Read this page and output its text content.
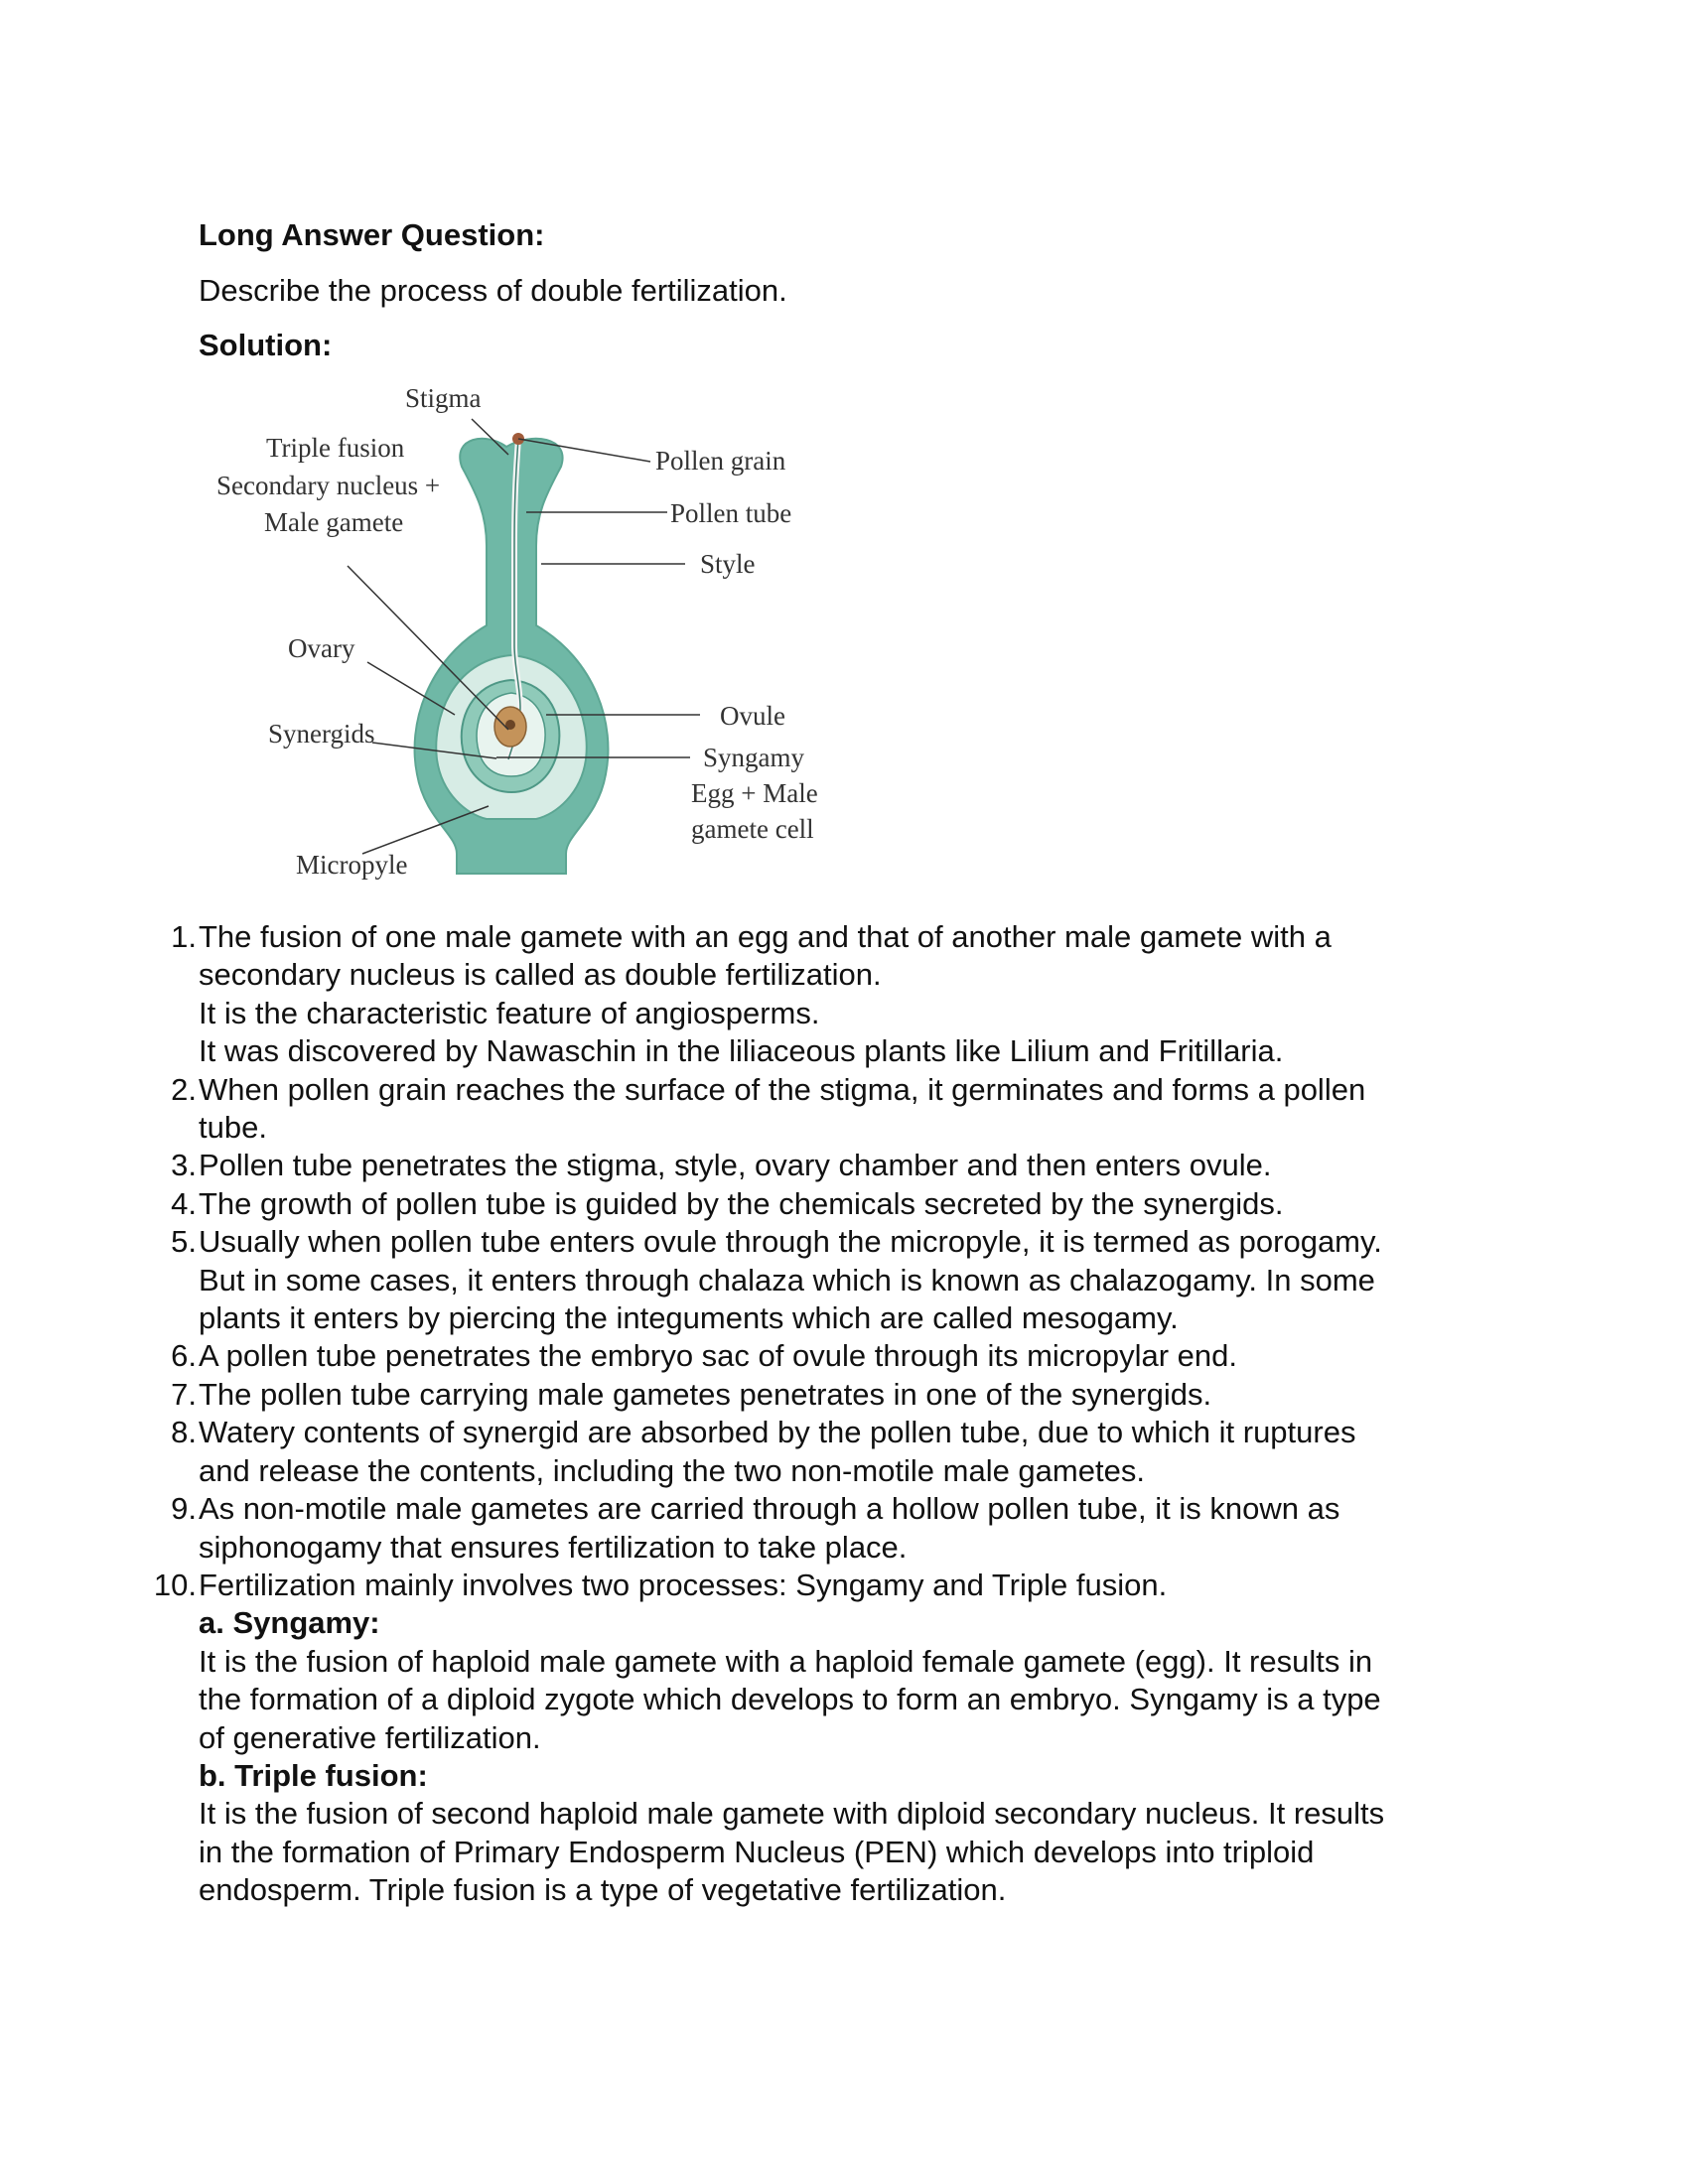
Long Answer Question:

Describe the process of double fertilization.

Solution:
Stigma
Triple fusion
Secondary nucleus +
Male gamete
Pollen grain
Pollen tube
Style
Ovary
Synergids
Ovule
Syngamy
Egg + Male
gamete cell
Micropyle
1. The fusion of one male gamete with an egg and that of another male gamete with a
secondary nucleus is called as double fertilization.
It is the characteristic feature of angiosperms.
It was discovered by Nawaschin in the liliaceous plants like Lilium and Fritillaria.
2. When pollen grain reaches the surface of the stigma, it germinates and forms a pollen
tube.
3. Pollen tube penetrates the stigma, style, ovary chamber and then enters ovule.
4. The growth of pollen tube is guided by the chemicals secreted by the synergids.
5. Usually when pollen tube enters ovule through the micropyle, it is termed as porogamy.
But in some cases, it enters through chalaza which is known as chalazogamy. In some
plants it enters by piercing the integuments which are called mesogamy.
6. A pollen tube penetrates the embryo sac of ovule through its micropylar end.
7. The pollen tube carrying male gametes penetrates in one of the synergids.
8. Watery contents of synergid are absorbed by the pollen tube, due to which it ruptures
and release the contents, including the two non-motile male gametes.
9. As non-motile male gametes are carried through a hollow pollen tube, it is known as
siphonogamy that ensures fertilization to take place.
10. Fertilization mainly involves two processes: Syngamy and Triple fusion.
a. Syngamy:
It is the fusion of haploid male gamete with a haploid female gamete (egg). It results in
the formation of a diploid zygote which develops to form an embryo. Syngamy is a type
of generative fertilization.
b. Triple fusion:
It is the fusion of second haploid male gamete with diploid secondary nucleus. It results
in the formation of Primary Endosperm Nucleus (PEN) which develops into triploid
endosperm. Triple fusion is a type of vegetative fertilization.
